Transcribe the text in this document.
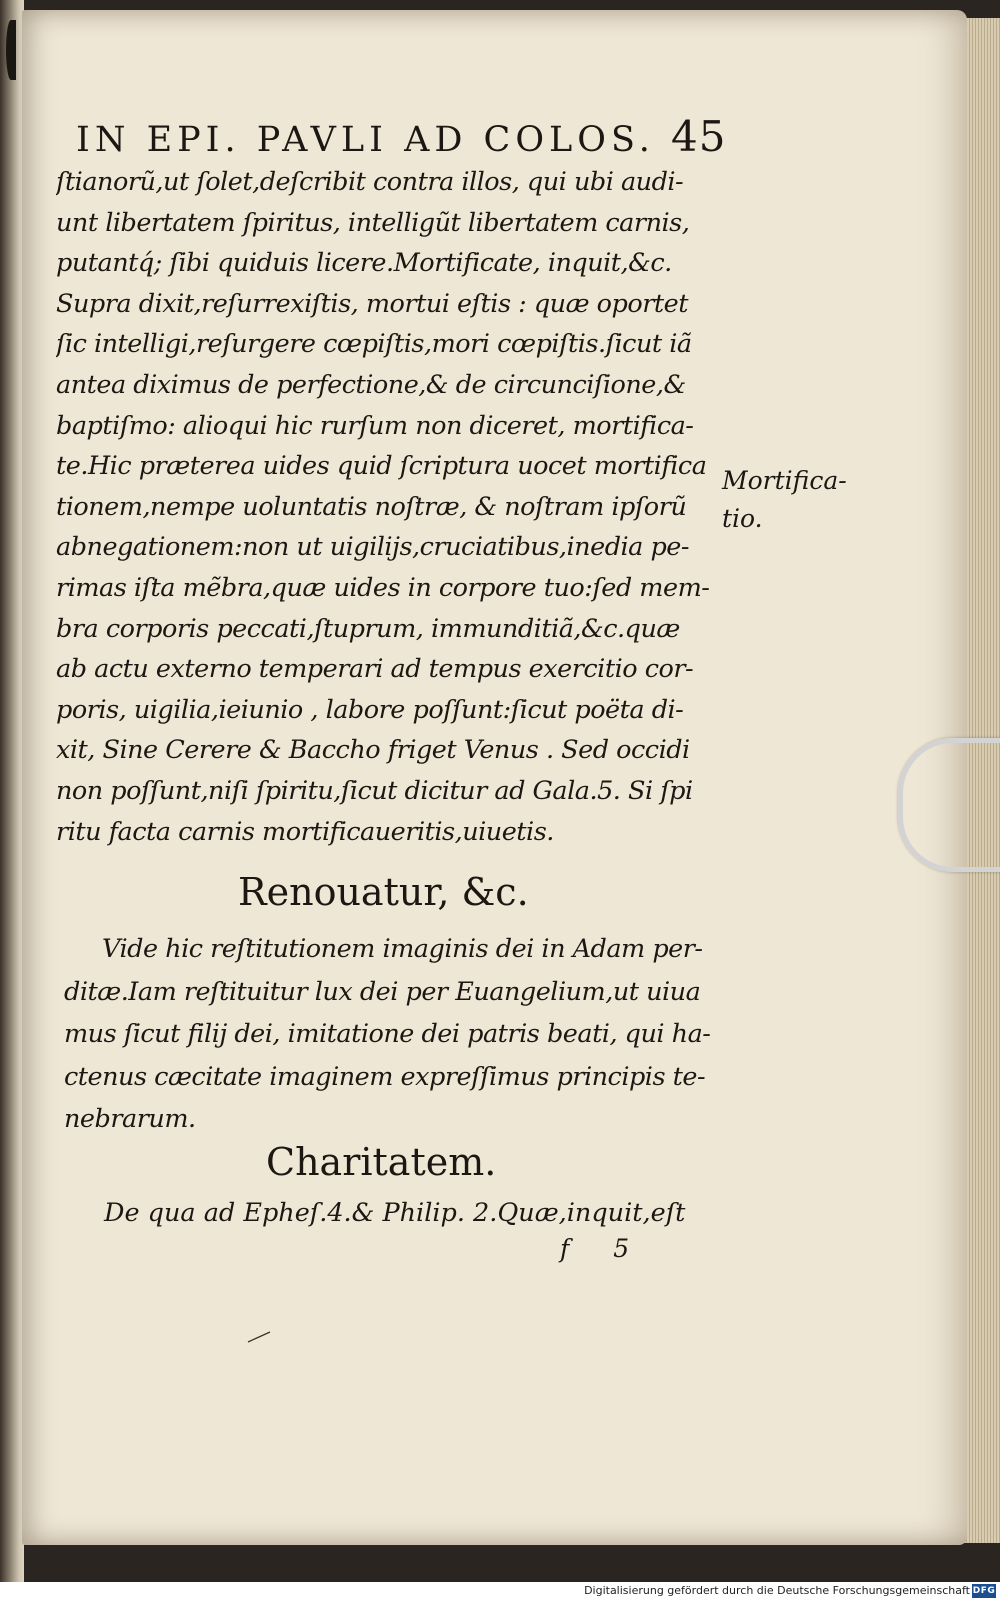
IN EPI. PAVLI AD COLOS. 45
ſtianorũ,ut ſolet,deſcribit contra illos, qui ubi audi-
unt libertatem ſpiritus, intelligũt libertatem carnis,
putantq́; ſibi quiduis licere.Mortificate, inquit,&c.
Supra dixit,reſurrexiſtis, mortui eſtis : quæ oportet
ſic intelligi,reſurgere cœpiſtis,mori cœpiſtis.ſicut iã
antea diximus de perfectione,& de circunciſione,&
baptiſmo: alioqui hic rurſum non diceret, mortifica-
te.Hic præterea uides quid ſcriptura uocet mortifica
tionem,nempe uoluntatis noſtræ, & noſtram ipſorũ
abnegationem:non ut uigilijs,cruciatibus,inedia pe-
rimas iſta mẽbra,quæ uides in corpore tuo:ſed mem-
bra corporis peccati,ſtuprum, immunditiã,&c.quæ
ab actu externo temperari ad tempus exercitio cor-
poris, uigilia,ieiunio , labore poſſunt:ſicut poëta di-
xit, Sine Cerere & Baccho friget Venus . Sed occidi
non poſſunt,niſi ſpiritu,ſicut dicitur ad Gala.5. Si ſpi
ritu facta carnis mortificaueritis,uiuetis.
Mortifica-
tio.
Renouatur, &c.
Vide hic reſtitutionem imaginis dei in Adam per-
ditæ.Iam reſtituitur lux dei per Euangelium,ut uiua
mus ſicut filij dei, imitatione dei patris beati, qui ha-
ctenus cæcitate imaginem expreſſimus principis te-
nebrarum.
Charitatem.
De qua ad Epheſ.4.& Philip. 2.Quæ,inquit,eſt
f 5
Digitalisierung gefördert durch die Deutsche Forschungsgemeinschaft DFG
